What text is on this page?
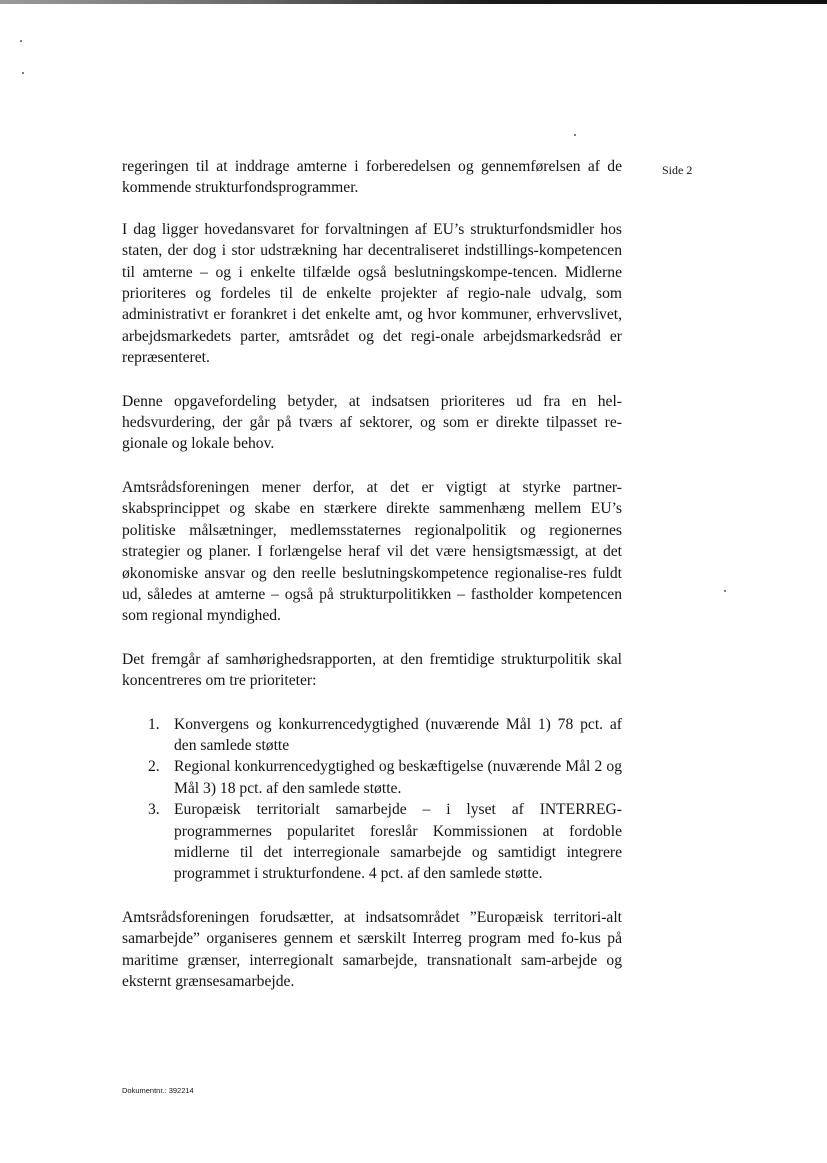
Side 2

regeringen til at inddrage amterne i forberedelsen og gennemførelsen af de kommende strukturfondsprogrammer.

I dag ligger hovedansvaret for forvaltningen af EU’s strukturfondsmidler hos staten, der dog i stor udstrækning har decentraliseret indstillings-kompetencen til amterne – og i enkelte tilfælde også beslutningskompe-tencen. Midlerne prioriteres og fordeles til de enkelte projekter af regio-nale udvalg, som administrativt er forankret i det enkelte amt, og hvor kommuner, erhvervslivet, arbejdsmarkedets parter, amtsrådet og det regi-onale arbejdsmarkedsråd er repræsenteret.

Denne opgavefordeling betyder, at indsatsen prioriteres ud fra en hel-hedsvurdering, der går på tværs af sektorer, og som er direkte tilpasset re-gionale og lokale behov.

Amtsrådsforeningen mener derfor, at det er vigtigt at styrke partner-skabsprincippet og skabe en stærkere direkte sammenhæng mellem EU’s politiske målsætninger, medlemsstaternes regionalpolitik og regionernes strategier og planer. I forlængelse heraf vil det være hensigtsmæssigt, at det økonomiske ansvar og den reelle beslutningskompetence regionalise-res fuldt ud, således at amterne – også på strukturpolitikken – fastholder kompetencen som regional myndighed.

Det fremgår af samhørighedsrapporten, at den fremtidige strukturpolitik skal koncentreres om tre prioriteter:

1. Konvergens og konkurrencedygtighed (nuværende Mål 1) 78 pct. af den samlede støtte
2. Regional konkurrencedygtighed og beskæftigelse (nuværende Mål 2 og Mål 3) 18 pct. af den samlede støtte.
3. Europæisk territorialt samarbejde – i lyset af INTERREG-programmernes popularitet foreslår Kommissionen at fordoble midlerne til det interregionale samarbejde og samtidigt integrere programmet i strukturfondene. 4 pct. af den samlede støtte.

Amtsrådsforeningen forudsætter, at indsatsområdet ”Europæisk territori-alt samarbejde” organiseres gennem et særskilt Interreg program med fo-kus på maritime grænser, interregionalt samarbejde, transnationalt sam-arbejde og eksternt grænsesamarbejde.

Dokumentnr.: 392214
